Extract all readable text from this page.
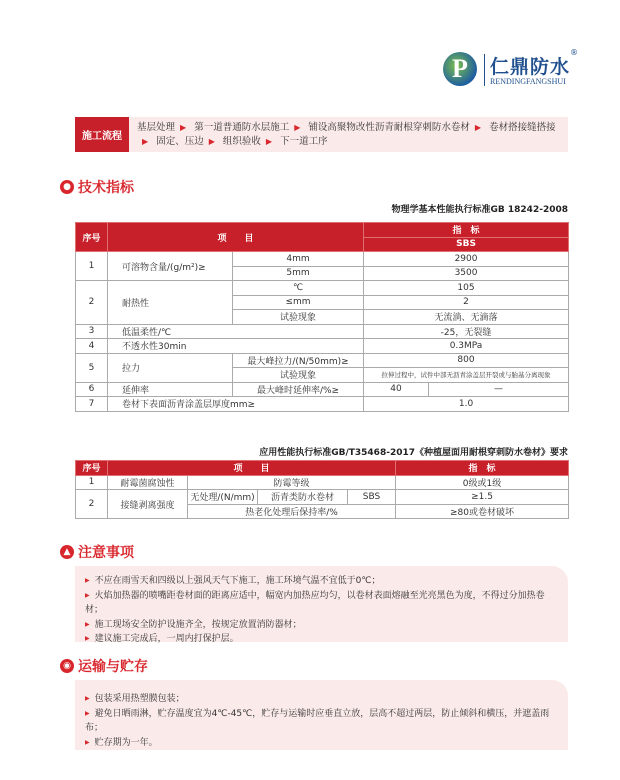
P
仁鼎防水
RENDINGFANGSHUI
®
施工流程
基层处理 ▶ 第一道普通防水层施工 ▶ 铺设高聚物改性沥青耐根穿刺防水卷材 ▶ 卷材搭接缝搭接▶ 固定、压边 ▶ 组织验收 ▶ 下一道工序
● 技术指标
物理学基本性能执行标准GB 18242-2008
序号	项　　目		指　标	
			SBS	
1	可溶物含量/(g/m²)≥	4mm	2900	
		5mm	3500	
2	耐热性	℃	105	
		≤mm	2	
		试验现象	无流淌、无滴落	
3	低温柔性/℃		-25，无裂缝	
4	不透水性30min		0.3MPa	
5	拉力	最大峰拉力/(N/50mm)≥	800	
		试验现象	拉伸过程中，试件中部无沥青涂盖层开裂或与胎基分离现象	
6	延伸率	最大峰时延伸率/%≥	40	—
7	卷材下表面沥青涂盖层厚度mm≥		1.0	
应用性能执行标准GB/T35468-2017《种植屋面用耐根穿刺防水卷材》要求
序号	项　　目				指　标
1	耐霉菌腐蚀性	防霉等级			0级或1级
2	接缝剥离强度	无处理/(N/mm)	沥青类防水卷材	SBS	≥1.5
		热老化处理后保持率/%			≥80或卷材破坏
▲ 注意事项
▶ 不应在雨雪天和四级以上强风天气下施工，施工环境气温不宜低于0℃；
▶ 火焰加热器的喷嘴距卷材面的距离应适中，幅宽内加热应均匀，以卷材表面熔融至光亮黑色为度，不得过分加热卷材；
▶ 施工现场安全防护设施齐全，按规定放置消防器材；
▶ 建议施工完成后，一周内打保护层。
◉ 运输与贮存
▶ 包装采用热塑膜包装；
▶ 避免日晒雨淋，贮存温度宜为4℃-45℃，贮存与运输时应垂直立放，层高不超过两层，防止倾斜和横压，并遮盖雨布；
▶ 贮存期为一年。
